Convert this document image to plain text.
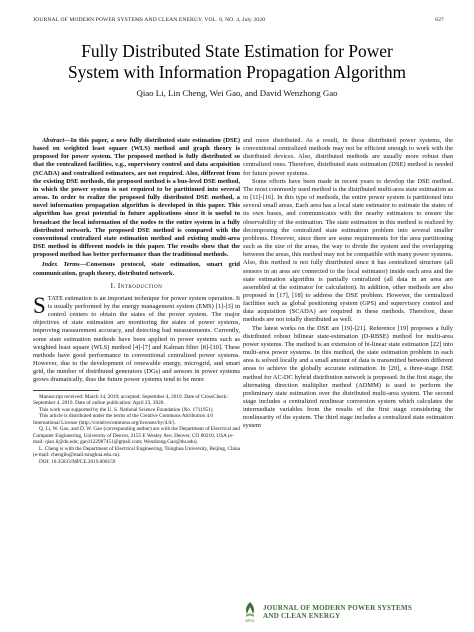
JOURNAL OF MODERN POWER SYSTEMS AND CLEAN ENERGY, VOL. 8, NO. 4, July 2020	627
Fully Distributed State Estimation for Power
System with Information Propagation Algorithm
Qiao Li, Lin Cheng, Wei Gao, and David Wenzhong Gao

Abstract—In this paper, a new fully distributed state estimation (DSE) based on weighted least square (WLS) method and graph theory is proposed for power system. The proposed method is fully distributed so that the centralized facilities, e.g., supervisory control and data acquisition (SCADA) and centralized estimators, are not required. Also, different from the existing DSE methods, the proposed method is a bus-level DSE method, in which the power system is not required to be partitioned into several areas. In order to realize the proposed fully distributed DSE method, a novel information propagation algorithm is developed in this paper. This algorithm has great potential in future applications since it is useful to broadcast the local information of the nodes to the entire system in a fully distributed network. The proposed DSE method is compared with the conventional centralized state estimation method and existing multi-area DSE method in different models in this paper. The results show that the proposed method has better performance than the traditional methods.

Index Terms—Consensus protocol, state estimation, smart grid communication, graph theory, distributed network.

I. Introduction

STATE estimation is an important technique for power system operation. It is usually performed by the energy management system (EMS) [1]-[3] in control centers to obtain the states of the power system. The major objectives of state estimation are monitoring the states of power systems, improving measurement accuracy, and detecting bad measurements. Currently, some state estimation methods have been applied in power systems such as weighted least square (WLS) method [4]-[7] and Kalman filter [8]-[10]. These methods have good performance in conventional centralized power systems. However, due to the development of renewable energy, microgrid, and smart grid, the number of distributed generators (DGs) and sensors in power systems grows dramatically, thus the future power systems tend to be more

Manuscript received: March 14, 2019; accepted: September 4, 2019. Date of CrossCheck: September 4, 2019. Date of online publication: April 23, 2020.

This work was supported by the U. S. National Science Foundation (No. 1711951).

This article is distributed under the terms of the Creative Commons Attribution 4.0 International License (http://creativecommons.org/licenses/by/4.0/).

Q. Li, W. Gao, and D. W. Gao (corresponding author) are with the Department of Electrical and Computer Engineering, University of Denver, 2155 E Wesley Ave, Denver, CO 80210, USA (e-mail: qiao.li@du.edu; gao1122987451@gmail.com; Wenzhong.Gao@du.edu).

L. Cheng is with the Department of Electrical Engineering, Tsinghua University, Beijing, China (e-mail: chenglin@mail.tsinghua.edu.cn).

DOI: 10.35833/MPCE.2019.000159

and more distributed. As a result, in these distributed power systems, the conventional centralized methods may not be efficient enough to work with the distributed devices. Also, distributed methods are usually more robust than centralized ones. Therefore, distributed state estimation (DSE) method is needed for future power systems.

Some efforts have been made in recent years to develop the DSE method. The most commonly used method is the distributed multi-area state estimation as in [11]-[16]. In this type of methods, the entire power system is partitioned into several small areas. Each area has a local state estimator to estimate the states of its own buses, and communicates with the nearby estimators to ensure the observability of the estimation. The state estimation in this method is realized by decomposing the centralized state estimation problem into several smaller problems. However, since there are some requirements for the area partitioning such as the size of the areas, the way to divide the system and the overlapping between the areas, this method may not be compatible with many power systems. Also, this method is not fully distributed since it has centralized structure (all sensors in an area are connected to the local estimator) inside each area and the state estimation algorithm is partially centralized (all data in an area are assembled at the estimator for calculation). In addition, other methods are also proposed in [17], [18] to address the DSE problem. However, the centralized facilities such as global positioning system (GPS) and supervisory control and data acquisition (SCADA) are required in these methods. Therefore, these methods are not totally distributed as well.

The latest works on the DSE are [19]-[21]. Reference [19] proposes a fully distributed robust bilinear state-estimation (D-RBSE) method for multi-area power systems. The method is an extension of bi-linear state estimation [22] into multi-area power systems. In this method, the state estimation problem in each area is solved locally and a small amount of data is transmitted between different areas to achieve the globally accurate estimation. In [20], a three-stage DSE method for AC-DC hybrid distribution network is proposed. In the first stage, the alternating direction multiplier method (ADMM) is used to perform the preliminary state estimation over the distributed multi-area system. The second stage includes a centralized nonlinear conversion system which calculates the intermediate variables from the results of the first stage considering the nonlinearity of the system. The third stage includes a centralized state estimation system

MPCE
JOURNAL OF MODERN POWER SYSTEMS
AND CLEAN ENERGY
